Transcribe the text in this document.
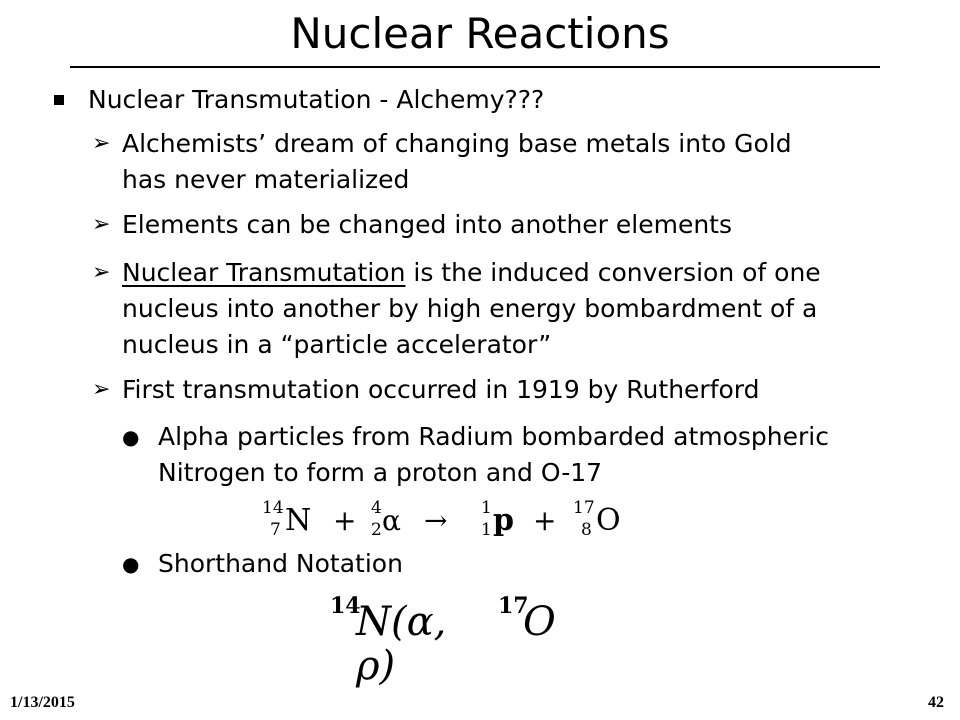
Nuclear Reactions
Nuclear Transmutation - Alchemy???
➢ Alchemists’ dream of changing base metals into Gold
has never materialized
➢ Elements can be changed into another elements
➢ Nuclear Transmutation is the induced conversion of one
nucleus into another by high energy bombardment of a
nucleus in a “particle accelerator”
➢ First transmutation occurred in 1919 by Rutherford
● Alpha particles from Radium bombarded atmospheric
Nitrogen to form a proton and O-17
14
7 N + 4
2 α → 1
1 p + 17
8 O
● Shorthand Notation
14
N(α, ρ)
17
O
1/13/2015	42
